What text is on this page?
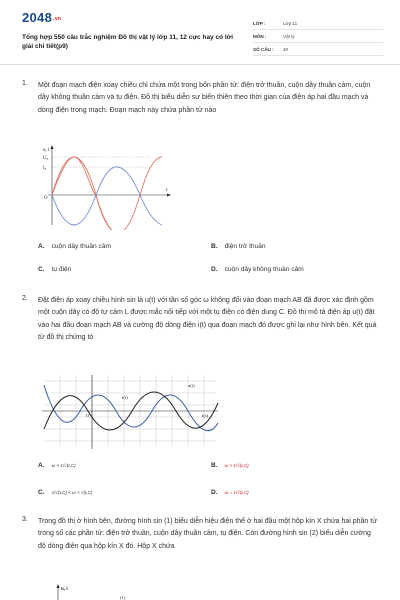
2048.vn
Tổng hợp 550 câu trắc nghiệm Đồ thị vật lý lớp 11, 12 cực hay có lời giải chi tiết(p9)
LỚP :	Lớp 11
MÔN :	Vật lý
SỐ CÂU :	40
1. Một đoạn mạch điện xoay chiều chỉ chứa một trong bốn phần tử: điện trở thuần, cuộn dây thuần cảm, cuộn dây không thuần cảm và tụ điện. Đồ thị biểu diễn sự biến thiên theo thời gian của điện áp hai đầu mạch và dòng điện trong mạch. Đoạn mạch này chứa phần tử nào
u, i
U₀
I₀
O
t
A. cuộn dây thuần cảm	B. điện trở thuần
C. tụ điện	D. cuộn dây không thuần cảm
2. Đặt điện áp xoay chiều hình sin là u(t) với tần số góc ω không đổi vào đoạn mạch AB đã được xác định gồm một cuộn dây có độ tự cảm L được mắc nối tiếp với một tụ điện có điện dung C. Đồ thị mô tả điện áp u(t) đặt vào hai đầu đoạn mạch AB và cường độ dòng điện i(t) qua đoạn mạch đó được ghi lại như hình bên. Kết quả từ đồ thị chứng tỏ
i(t)
u(t)
O	t(s)
A. ω < 1/√(LC)	B. ω > 1/√(LC)
C. 1/√(LC) < ω < √(LC)	D. ω = 1/√(LC)
3. Trong đồ thị ở hình bên, đường hình sin (1) biểu diễn hiệu điện thế ở hai đầu một hộp kín X chứa hai phần tử trong số các phần tử: điện trở thuần, cuộn dây thuần cảm, tụ điện. Còn đường hình sin (2) biểu diễn cường độ dòng điện qua hộp kín X đó. Hộp X chứa
u, i
(1)
